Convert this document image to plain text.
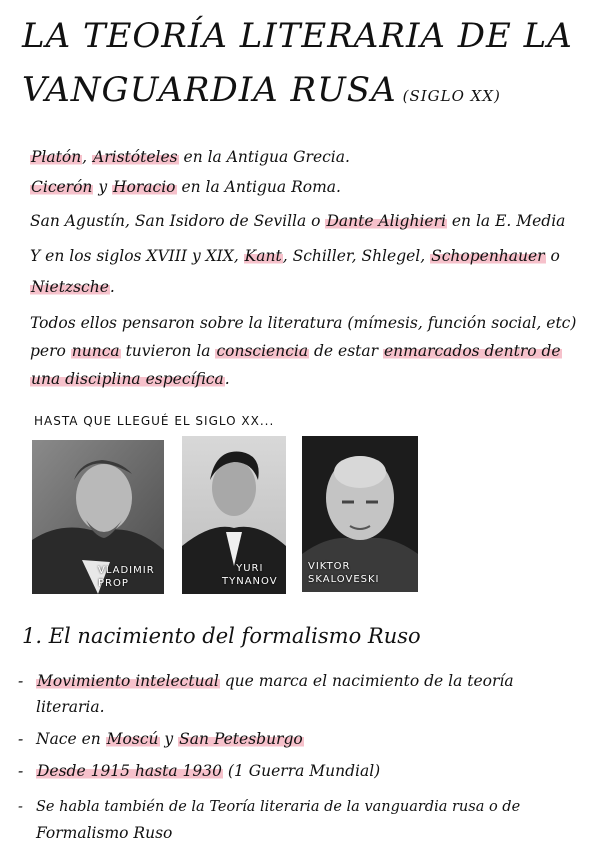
LA TEORÍA LITERARIA DE LA
VANGUARDIA RUSA (SIGLO XX)
Platón, Aristóteles en la Antigua Grecia.
Cicerón y Horacio en la Antigua Roma.
San Agustín, San Isidoro de Sevilla o Dante Alighieri en la E. Media
Y en los siglos XVIII y XIX, Kant, Schiller, Shlegel, Schopenhauer o
Nietzsche.
Todos ellos pensaron sobre la literatura (mímesis, función social, etc)
pero nunca tuvieron la consciencia de estar enmarcados dentro de
una disciplina específica.
HASTA QUE LLEGUÉ EL SIGLO XX...
VLADIMIR
PROP
YURI
TYNANOV
VIKTOR
SKALOVESKI
1. El nacimiento del formalismo Ruso
- Movimiento intelectual que marca el nacimiento de la teoría
literaria.
- Nace en Moscú y San Petesburgo
- Desde 1915 hasta 1930 (1 Guerra Mundial)
- Se habla también de la Teoría literaria de la vanguardia rusa o de
Formalismo Ruso
